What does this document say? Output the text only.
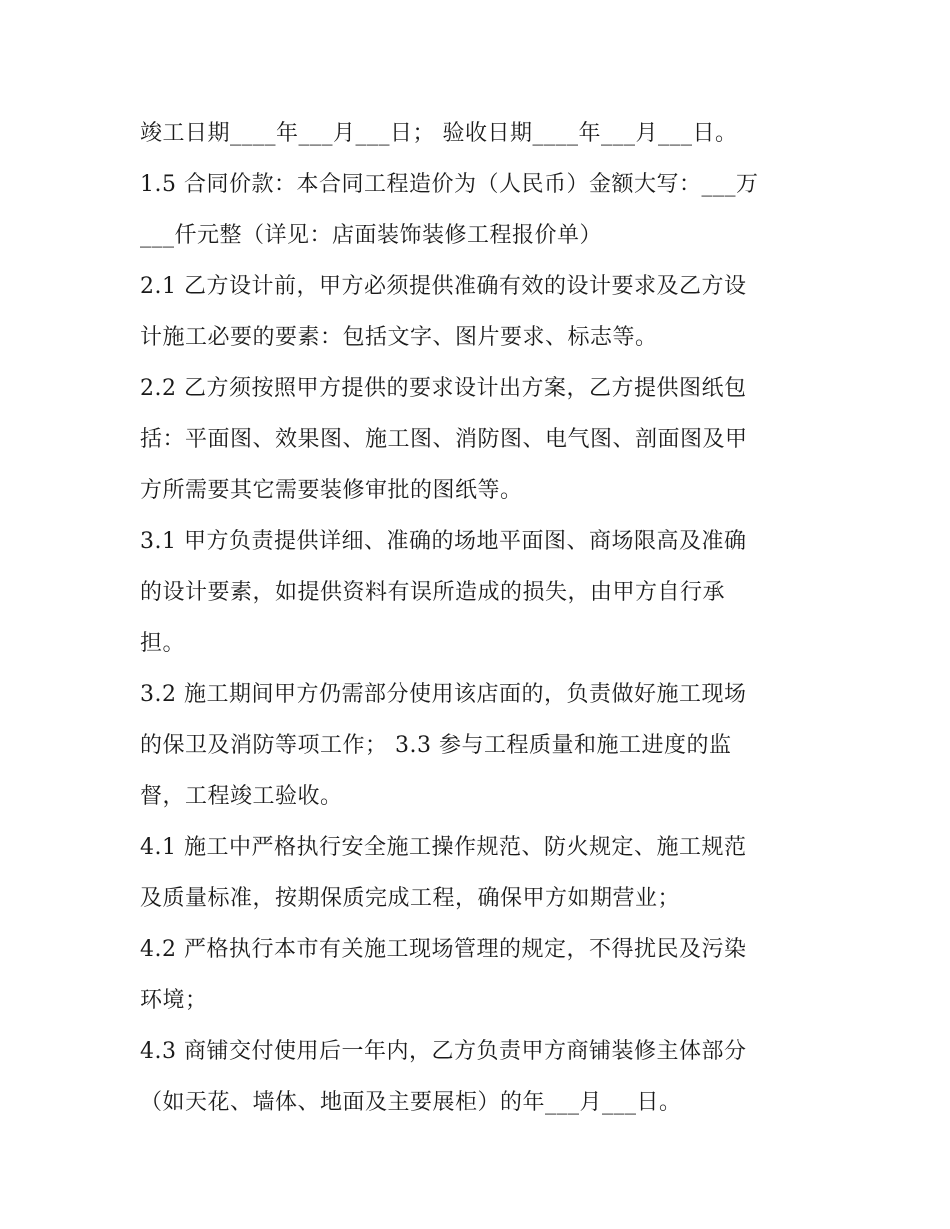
竣工日期____年___月___日； 验收日期____年___月___日。
1.5 合同价款：本合同工程造价为（人民币）金额大写：___万
___仟元整（详见：店面装饰装修工程报价单）
2.1 乙方设计前，甲方必须提供准确有效的设计要求及乙方设
计施工必要的要素：包括文字、图片要求、标志等。
2.2 乙方须按照甲方提供的要求设计出方案，乙方提供图纸包
括：平面图、效果图、施工图、消防图、电气图、剖面图及甲
方所需要其它需要装修审批的图纸等。
3.1 甲方负责提供详细、准确的场地平面图、商场限高及准确
的设计要素，如提供资料有误所造成的损失，由甲方自行承
担。
3.2 施工期间甲方仍需部分使用该店面的，负责做好施工现场
的保卫及消防等项工作； 3.3 参与工程质量和施工进度的监
督，工程竣工验收。
4.1 施工中严格执行安全施工操作规范、防火规定、施工规范
及质量标准，按期保质完成工程，确保甲方如期营业；
4.2 严格执行本市有关施工现场管理的规定，不得扰民及污染
环境；
4.3 商铺交付使用后一年内，乙方负责甲方商铺装修主体部分
（如天花、墙体、地面及主要展柜）的年___月___日。
